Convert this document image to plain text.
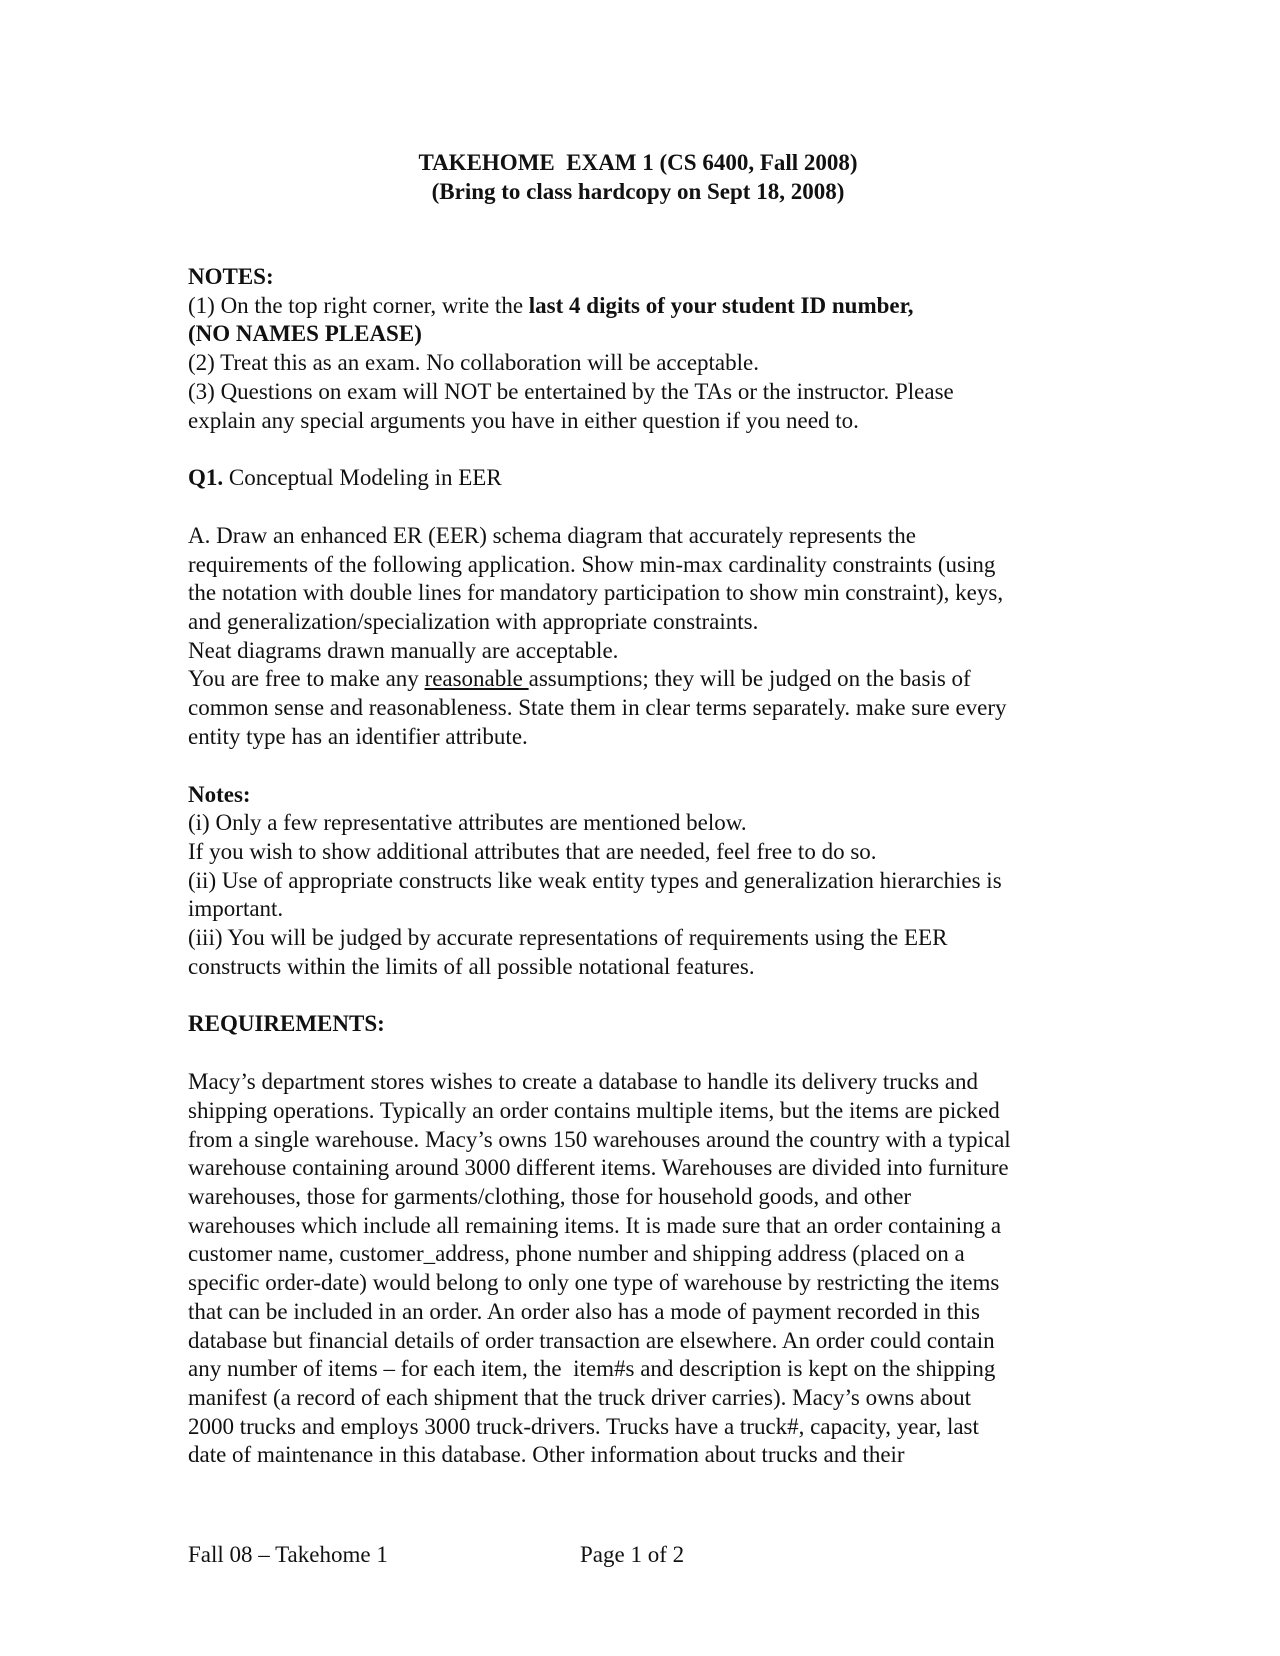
TAKEHOME  EXAM 1 (CS 6400, Fall 2008)
(Bring to class hardcopy on Sept 18, 2008)

NOTES:

(1) On the top right corner, write the last 4 digits of your student ID number,

(NO NAMES PLEASE)

(2) Treat this as an exam. No collaboration will be acceptable.

(3) Questions on exam will NOT be entertained by the TAs or the instructor. Please

explain any special arguments you have in either question if you need to.

Q1. Conceptual Modeling in EER

A. Draw an enhanced ER (EER) schema diagram that accurately represents the

requirements of the following application. Show min-max cardinality constraints (using

the notation with double lines for mandatory participation to show min constraint), keys,

and generalization/specialization with appropriate constraints.

Neat diagrams drawn manually are acceptable.

You are free to make any reasonable assumptions; they will be judged on the basis of

common sense and reasonableness. State them in clear terms separately. make sure every

entity type has an identifier attribute.

Notes:

(i) Only a few representative attributes are mentioned below.

If you wish to show additional attributes that are needed, feel free to do so.

(ii) Use of appropriate constructs like weak entity types and generalization hierarchies is

important.

(iii) You will be judged by accurate representations of requirements using the EER

constructs within the limits of all possible notational features.

REQUIREMENTS:

Macy’s department stores wishes to create a database to handle its delivery trucks and

shipping operations. Typically an order contains multiple items, but the items are picked

from a single warehouse. Macy’s owns 150 warehouses around the country with a typical

warehouse containing around 3000 different items. Warehouses are divided into furniture

warehouses, those for garments/clothing, those for household goods, and other

warehouses which include all remaining items. It is made sure that an order containing a

customer name, customer_address, phone number and shipping address (placed on a

specific order-date) would belong to only one type of warehouse by restricting the items

that can be included in an order. An order also has a mode of payment recorded in this

database but financial details of order transaction are elsewhere. An order could contain

any number of items – for each item, the  item#s and description is kept on the shipping

manifest (a record of each shipment that the truck driver carries). Macy’s owns about

2000 trucks and employs 3000 truck-drivers. Trucks have a truck#, capacity, year, last

date of maintenance in this database. Other information about trucks and their

Fall 08 – Takehome 1	Page 1 of 2
